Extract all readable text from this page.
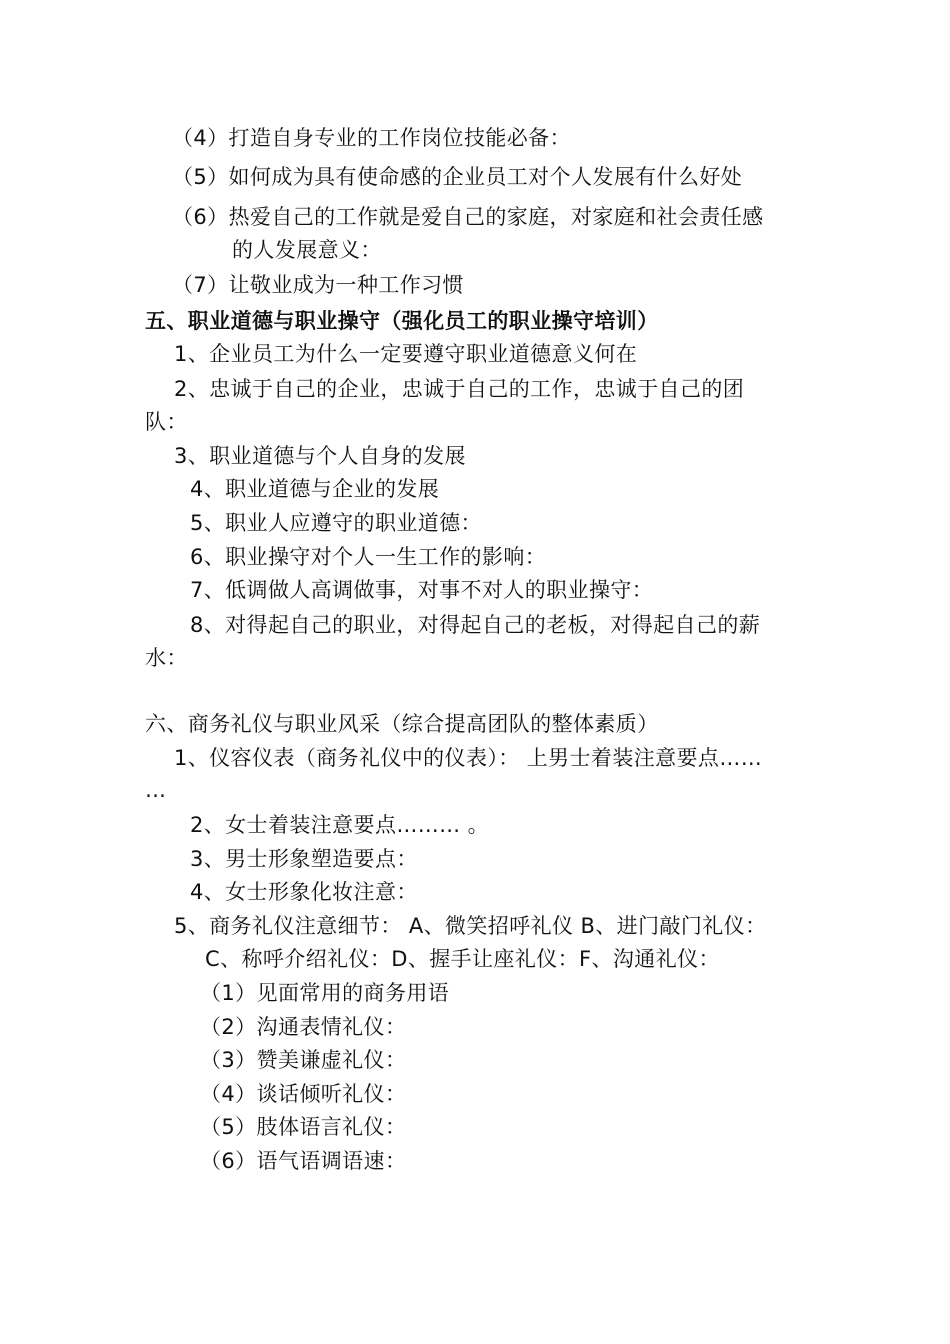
（4）打造自身专业的工作岗位技能必备：
（5）如何成为具有使命感的企业员工对个人发展有什么好处
（6）热爱自己的工作就是爱自己的家庭，对家庭和社会责任感
的人发展意义：
（7）让敬业成为一种工作习惯
五、职业道德与职业操守（强化员工的职业操守培训）
1、企业员工为什么一定要遵守职业道德意义何在
2、忠诚于自己的企业，忠诚于自己的工作，忠诚于自己的团
队：
3、职业道德与个人自身的发展
4、职业道德与企业的发展
5、职业人应遵守的职业道德：
6、职业操守对个人一生工作的影响：
7、低调做人高调做事，对事不对人的职业操守：
8、对得起自己的职业，对得起自己的老板，对得起自己的薪
水：
六、商务礼仪与职业风采（综合提高团队的整体素质）
1、仪容仪表（商务礼仪中的仪表）： 上男士着装注意要点……
…
2、女士着装注意要点……… 。
3、男士形象塑造要点：
4、女士形象化妆注意：
5、商务礼仪注意细节： A、微笑招呼礼仪 B、进门敲门礼仪：
C、称呼介绍礼仪：D、握手让座礼仪：F、沟通礼仪：
（1）见面常用的商务用语
（2）沟通表情礼仪：
（3）赞美谦虚礼仪：
（4）谈话倾听礼仪：
（5）肢体语言礼仪：
（6）语气语调语速：
